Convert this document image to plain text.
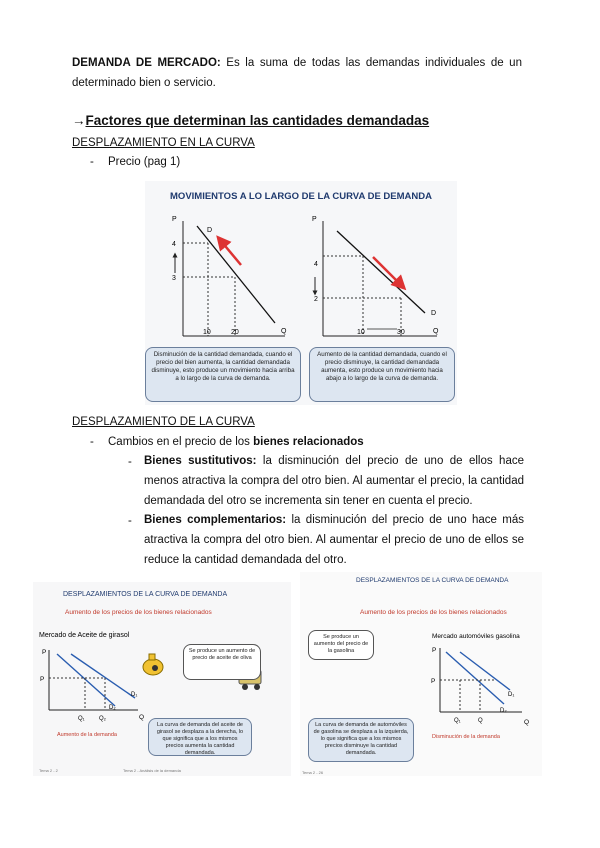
DEMANDA DE MERCADO: Es la suma de todas las demandas individuales de un determinado bien o servicio.
→Factores que determinan las cantidades demandadas
DESPLAZAMIENTO EN LA CURVA
- Precio (pag 1)
MOVIMIENTOS A LO LARGO DE LA CURVA DE DEMANDA
P
Q
D
4
3
10	20
P
Q
D
4
2
10	30
Disminución de la cantidad demandada, cuando el precio del bien aumenta, la cantidad demandada disminuye, esto produce un movimiento hacia arriba a lo largo de la curva de demanda.
Aumento de la cantidad demandada, cuando el precio disminuye, la cantidad demandada aumenta, esto produce un movimiento hacia abajo a lo largo de la curva de demanda.
DESPLAZAMIENTO DE LA CURVA
- Cambios en el precio de los bienes relacionados
- Bienes sustitutivos: la disminución del precio de uno de ellos hace menos atractiva la compra del otro bien. Al aumentar el precio, la cantidad demandada del otro se incrementa sin tener en cuenta el precio.
- Bienes complementarios: la disminución del precio de uno hace más atractiva la compra del otro bien. Al aumentar el precio de uno de ellos se reduce la cantidad demandada del otro.
DESPLAZAMIENTOS DE LA CURVA DE DEMANDA
Aumento de los precios de los bienes relacionados
Mercado de Aceite de girasol
P
Q
P
Q₁ Q₂
D₁
D₂
Aumento de la demanda
Tema 2 - 2	Tema 2 - Análisis de la demanda
Se produce un aumento de precio de aceite de oliva
La curva de demanda del aceite de girasol se desplaza a la derecha, lo que significa que a los mismos precios aumenta la cantidad demandada.
DESPLAZAMIENTOS DE LA CURVA DE DEMANDA
Aumento de los precios de los bienes relacionados
Mercado automóviles gasolina
P
Q
P
Q₁	Q
D₁
D₂
Disminución de la demanda
Tema 2 - 26
Se produce un aumento del precio de la gasolina
La curva de demanda de automóviles de gasolina se desplaza a la izquierda, lo que significa que a los mismos precios disminuye la cantidad demandada.
